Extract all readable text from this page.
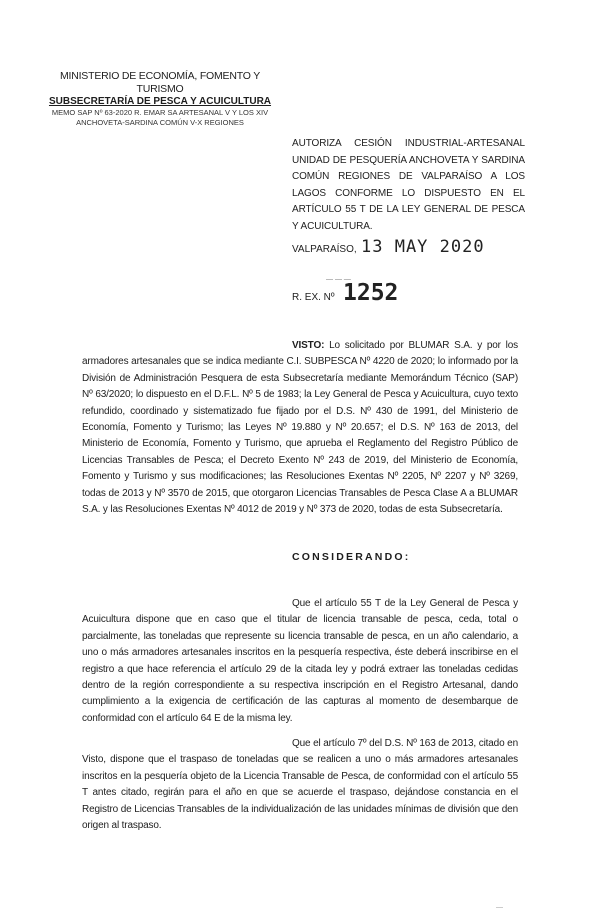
MINISTERIO DE ECONOMÍA, FOMENTO Y TURISMO
SUBSECRETARÍA DE PESCA Y ACUICULTURA
MEMO SAP Nº 63-2020 R. EMAR SA ARTESANAL V Y LOS XIV
ANCHOVETA-SARDINA COMÚN V-X REGIONES
AUTORIZA CESIÓN INDUSTRIAL-ARTESANAL UNIDAD DE PESQUERÍA ANCHOVETA Y SARDINA COMÚN REGIONES DE VALPARAÍSO A LOS LAGOS CONFORME LO DISPUESTO EN EL ARTÍCULO 55 T DE LA LEY GENERAL DE PESCA Y ACUICULTURA.
VALPARAÍSO, 13 MAY 2020
— — —
R. EX. Nº 1252
VISTO: Lo solicitado por BLUMAR S.A. y por los armadores artesanales que se indica mediante C.I. SUBPESCA Nº 4220 de 2020; lo informado por la División de Administración Pesquera de esta Subsecretaría mediante Memorándum Técnico (SAP) Nº 63/2020; lo dispuesto en el D.F.L. Nº 5 de 1983; la Ley General de Pesca y Acuicultura, cuyo texto refundido, coordinado y sistematizado fue fijado por el D.S. Nº 430 de 1991, del Ministerio de Economía, Fomento y Turismo; las Leyes Nº 19.880 y Nº 20.657; el D.S. Nº 163 de 2013, del Ministerio de Economía, Fomento y Turismo, que aprueba el Reglamento del Registro Público de Licencias Transables de Pesca; el Decreto Exento Nº 243 de 2019, del Ministerio de Economía, Fomento y Turismo y sus modificaciones; las Resoluciones Exentas Nº 2205, Nº 2207 y Nº 3269, todas de 2013 y Nº 3570 de 2015, que otorgaron Licencias Transables de Pesca Clase A a BLUMAR S.A. y las Resoluciones Exentas Nº 4012 de 2019 y Nº 373 de 2020, todas de esta Subsecretaría.
CONSIDERANDO:
Que el artículo 55 T de la Ley General de Pesca y Acuicultura dispone que en caso que el titular de licencia transable de pesca, ceda, total o parcialmente, las toneladas que represente su licencia transable de pesca, en un año calendario, a uno o más armadores artesanales inscritos en la pesquería respectiva, éste deberá inscribirse en el registro a que hace referencia el artículo 29 de la citada ley y podrá extraer las toneladas cedidas dentro de la región correspondiente a su respectiva inscripción en el Registro Artesanal, dando cumplimiento a la exigencia de certificación de las capturas al momento de desembarque de conformidad con el artículo 64 E de la misma ley.
Que el artículo 7º del D.S. Nº 163 de 2013, citado en Visto, dispone que el traspaso de toneladas que se realicen a uno o más armadores artesanales inscritos en la pesquería objeto de la Licencia Transable de Pesca, de conformidad con el artículo 55 T antes citado, regirán para el año en que se acuerde el traspaso, dejándose constancia en el Registro de Licencias Transables de la individualización de las unidades mínimas de división que den origen al traspaso.
—
